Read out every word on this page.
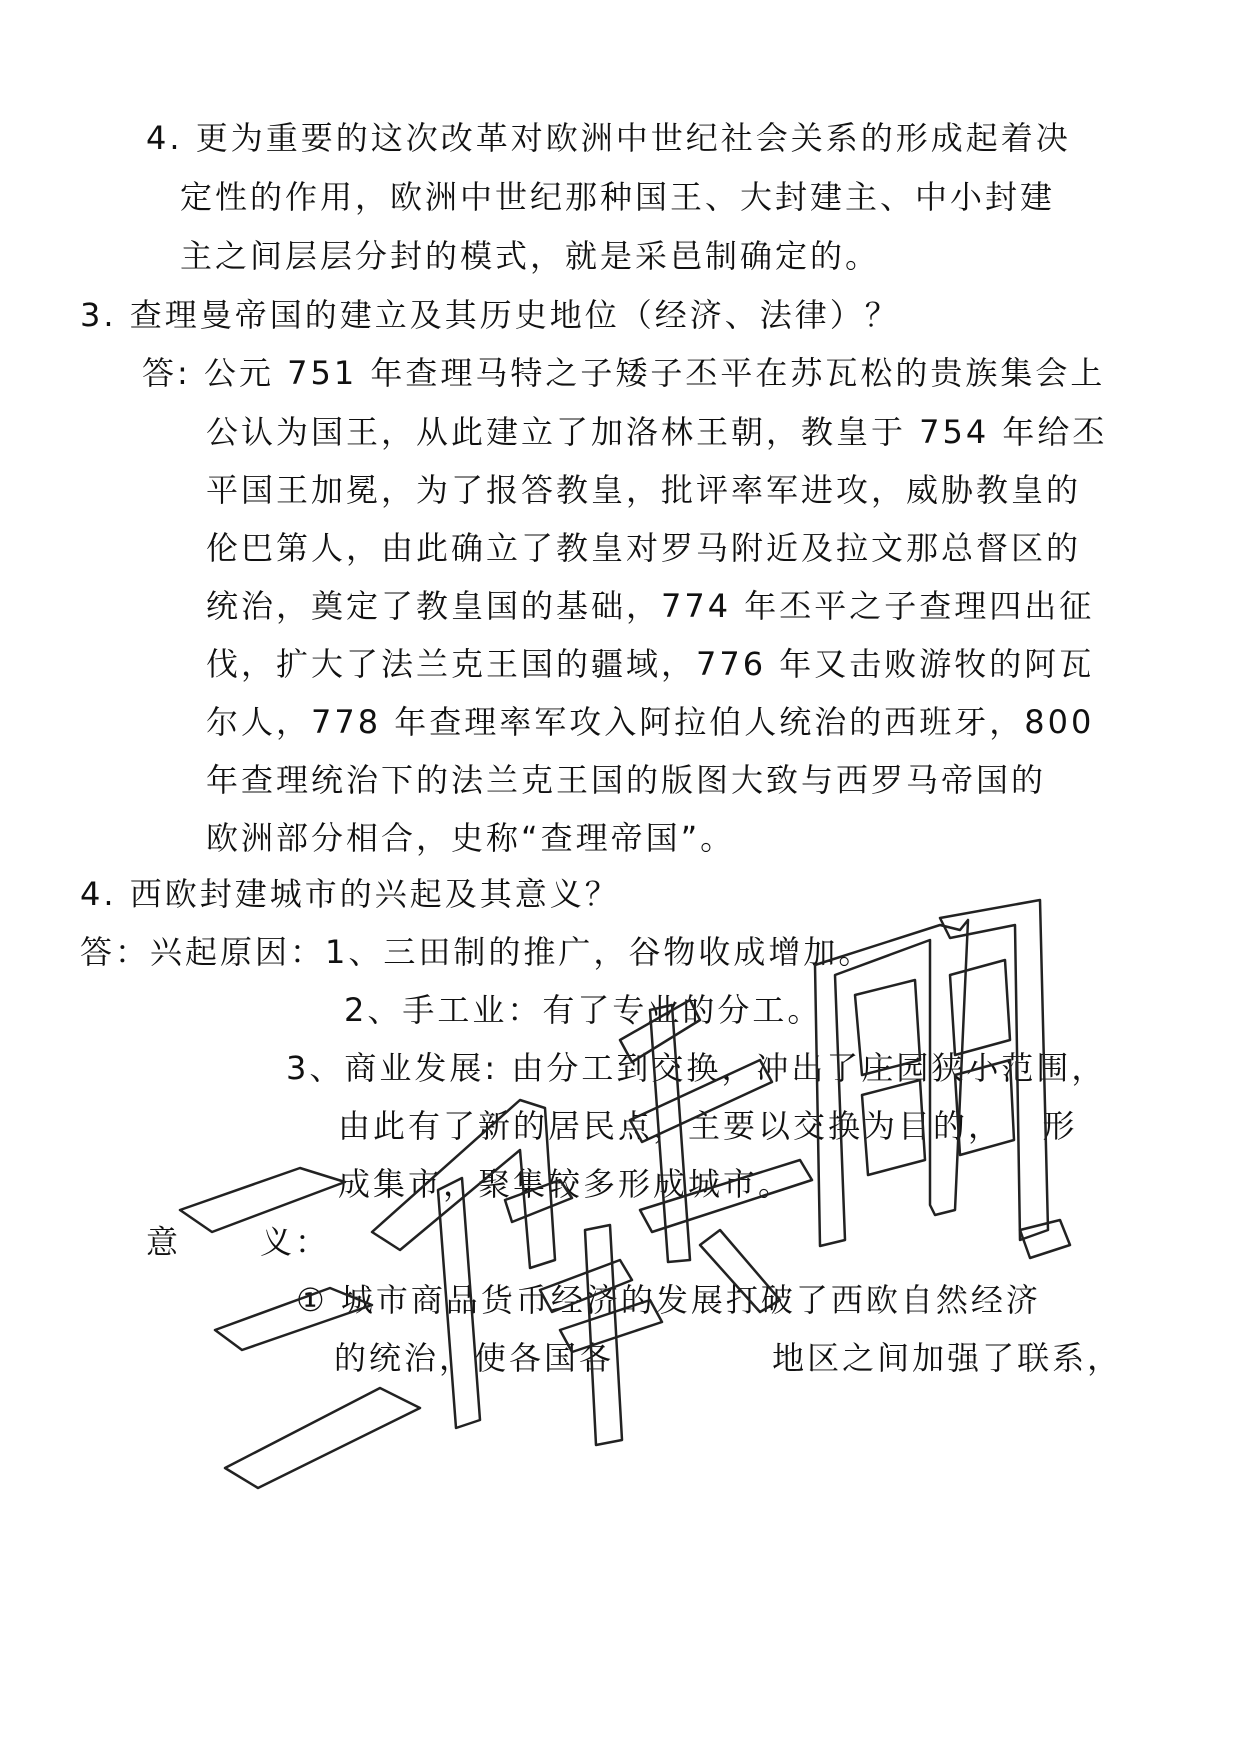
4. 更为重要的这次改革对欧洲中世纪社会关系的形成起着决
定性的作用，欧洲中世纪那种国王、大封建主、中小封建
主之间层层分封的模式，就是采邑制确定的。
3. 查理曼帝国的建立及其历史地位（经济、法律）？
答: 公元 751 年查理马特之子矮子丕平在苏瓦松的贵族集会上
公认为国王，从此建立了加洛林王朝，教皇于 754 年给丕
平国王加冕，为了报答教皇，批评率军进攻，威胁教皇的
伦巴第人，由此确立了教皇对罗马附近及拉文那总督区的
统治，奠定了教皇国的基础，774 年丕平之子查理四出征
伐，扩大了法兰克王国的疆域，776 年又击败游牧的阿瓦
尔人，778 年查理率军攻入阿拉伯人统治的西班牙，800
年查理统治下的法兰克王国的版图大致与西罗马帝国的
欧洲部分相合，史称“查理帝国”。
4. 西欧封建城市的兴起及其意义？
答：兴起原因：1、三田制的推广，谷物收成增加。
2、手工业：有了专业的分工。
3、商业发展: 由分工到交换，冲出了庄园狭小范围，
由此有了新的居民点，主要以交换为目的，   形
成集市，聚集较多形成城市。
意      义：
① 城市商品货币经济的发展打破了西欧自然经济
的统治，使各国各            地区之间加强了联系，
